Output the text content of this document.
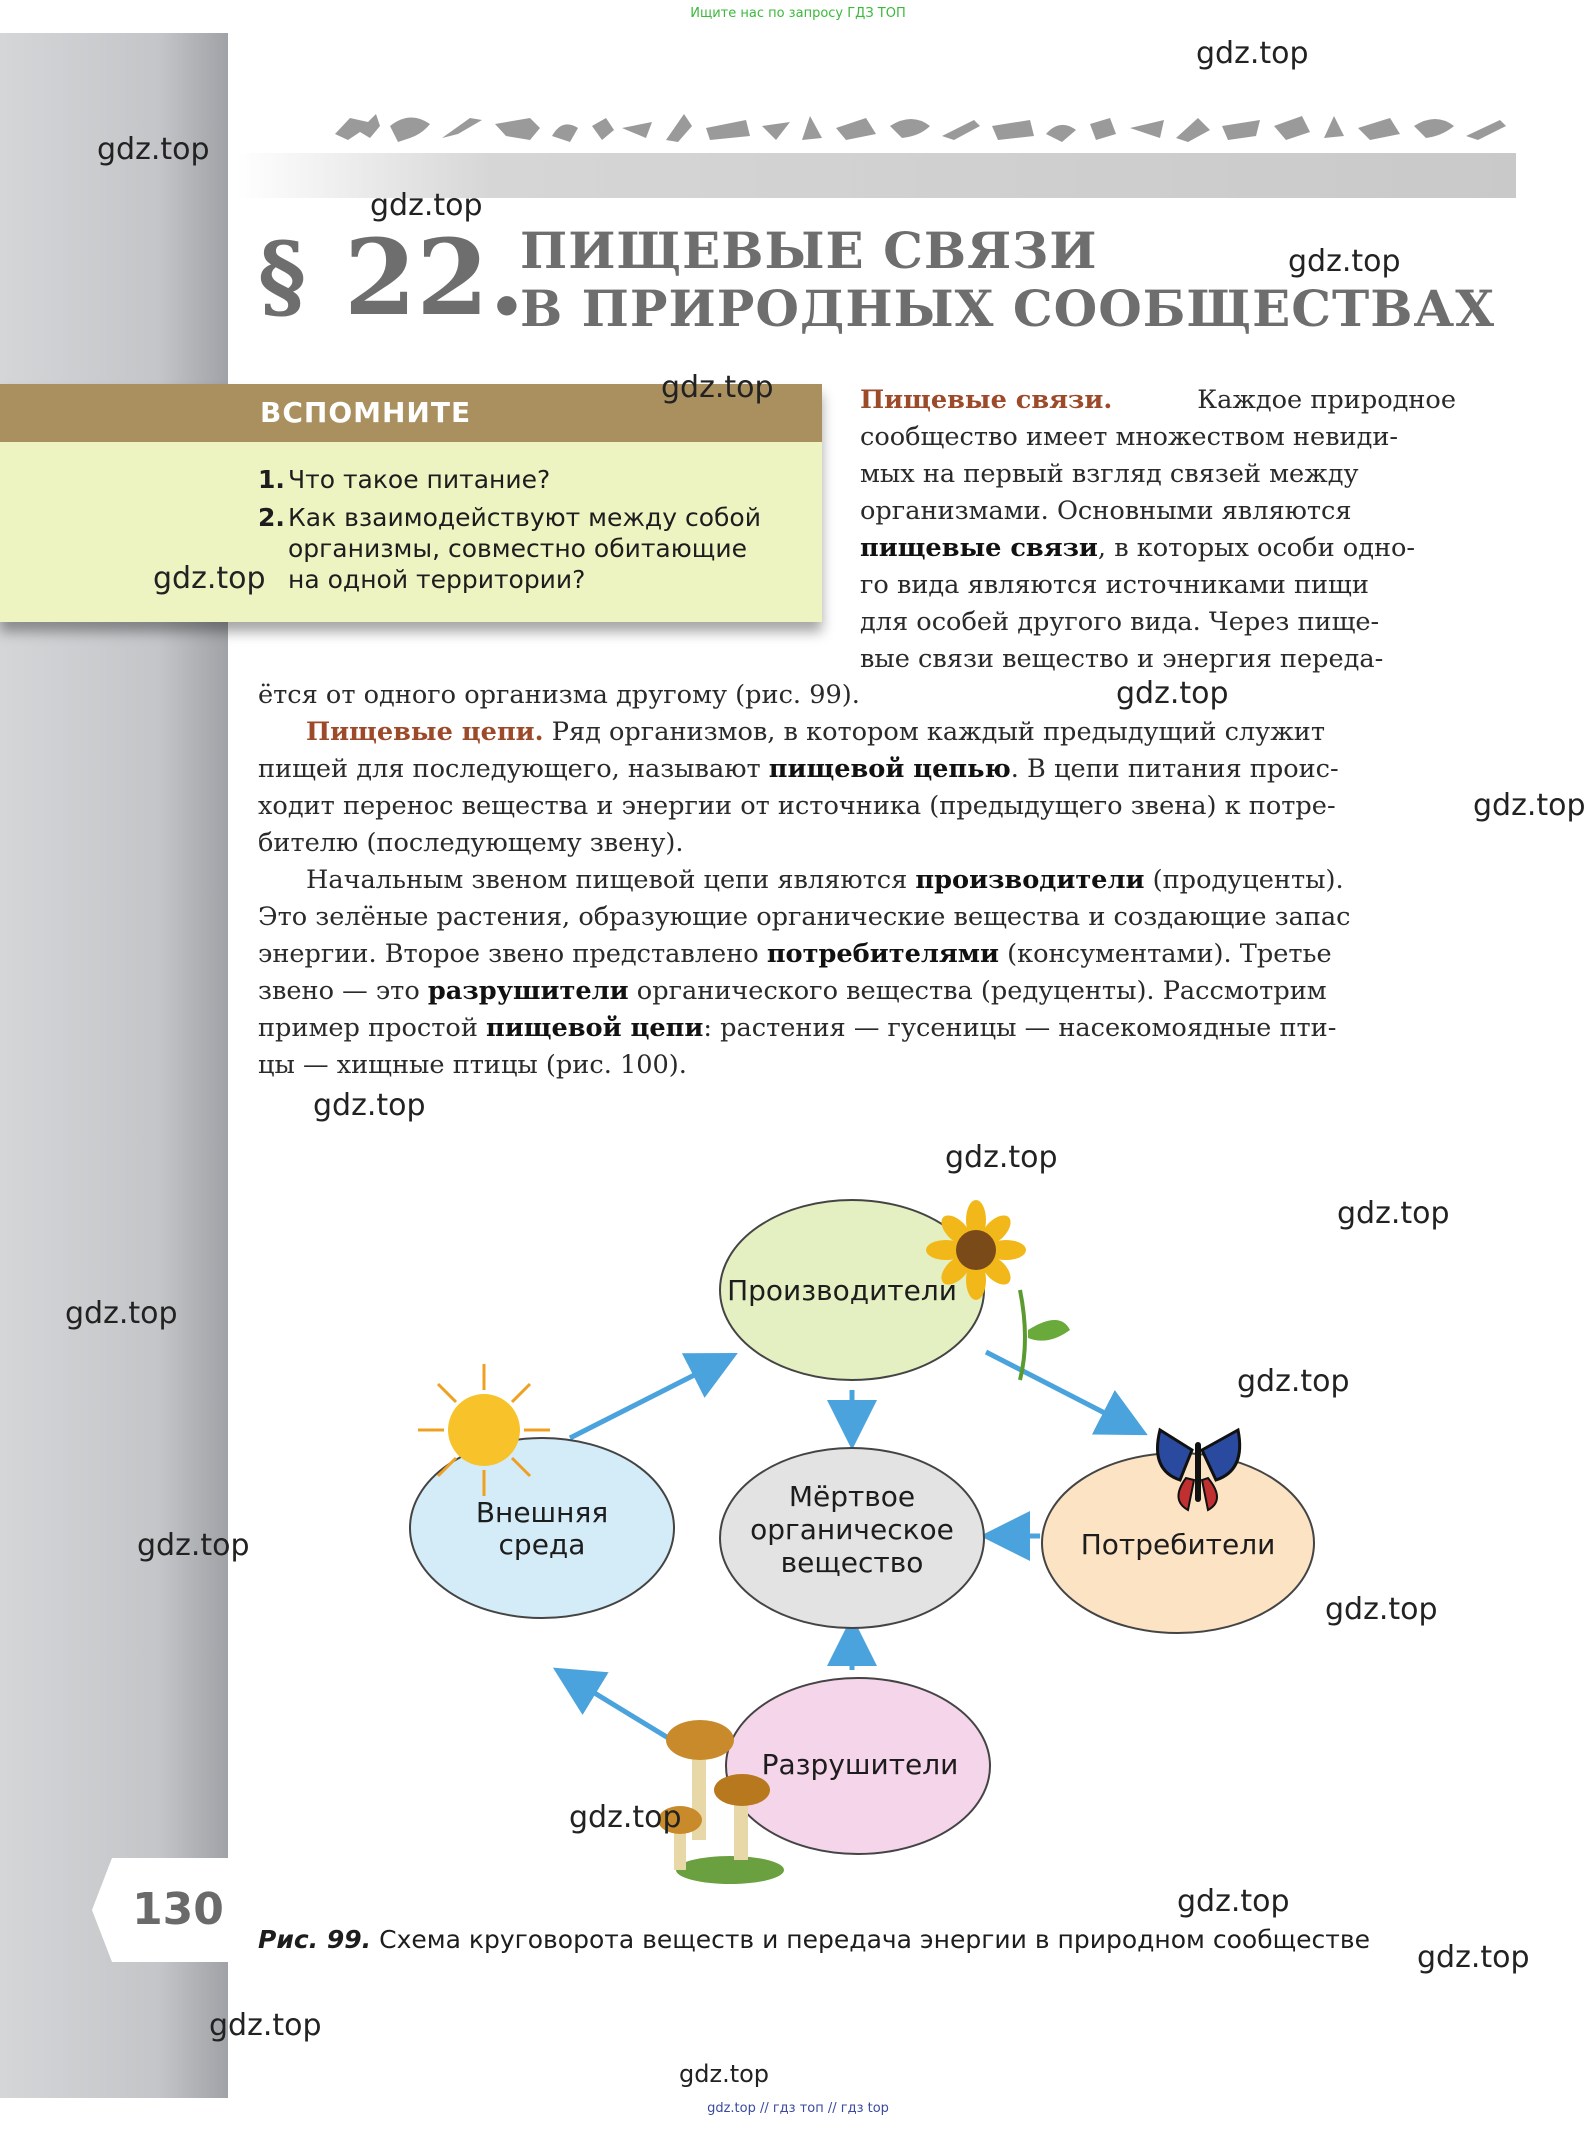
Ищите нас по запросу ГДЗ ТОП
gdz.top // гдз топ // гдз top
§ 22.
ПИЩЕВЫЕ СВЯЗИ
В ПРИРОДНЫХ СООБЩЕСТВАХ
ВСПОМНИТЕ
1. Что такое питание?
2. Как взаимодействуют между собой
организмы, совместно обитающие
на одной территории?
Пищевые связи.	Каждое природное
сообщество имеет множеством невиди-
мых на первый взгляд связей между
организмами. Основными являются
пищевые связи, в которых особи одно-
го вида являются источниками пищи
для особей другого вида. Через пище-
вые связи вещество и энергия переда-
ётся от одного организма другому (рис. 99).
Пищевые цепи. Ряд организмов, в котором каждый предыдущий служит
пищей для последующего, называют пищевой цепью. В цепи питания проис-
ходит перенос вещества и энергии от источника (предыдущего звена) к потре-
бителю (последующему звену).
Начальным звеном пищевой цепи являются производители (продуценты).
Это зелёные растения, образующие органические вещества и создающие запас
энергии. Второе звено представлено потребителями (консументами). Третье
звено — это разрушители органического вещества (редуценты). Рассмотрим
пример простой пищевой цепи: растения — гусеницы — насекомоядные пти-
цы — хищные птицы (рис. 100).
Производители
Внешняя
среда
Мёртвое
органическое
вещество
Потребители
Разрушители
Рис. 99. Схема круговорота веществ и передача энергии в природном сообществе
130
gdz.top
gdz.top
gdz.top
gdz.top
gdz.top
gdz.top
gdz.top
gdz.top
gdz.top
gdz.top
gdz.top
gdz.top
gdz.top
gdz.top
gdz.top
gdz.top
gdz.top
gdz.top
gdz.top
gdz.top
